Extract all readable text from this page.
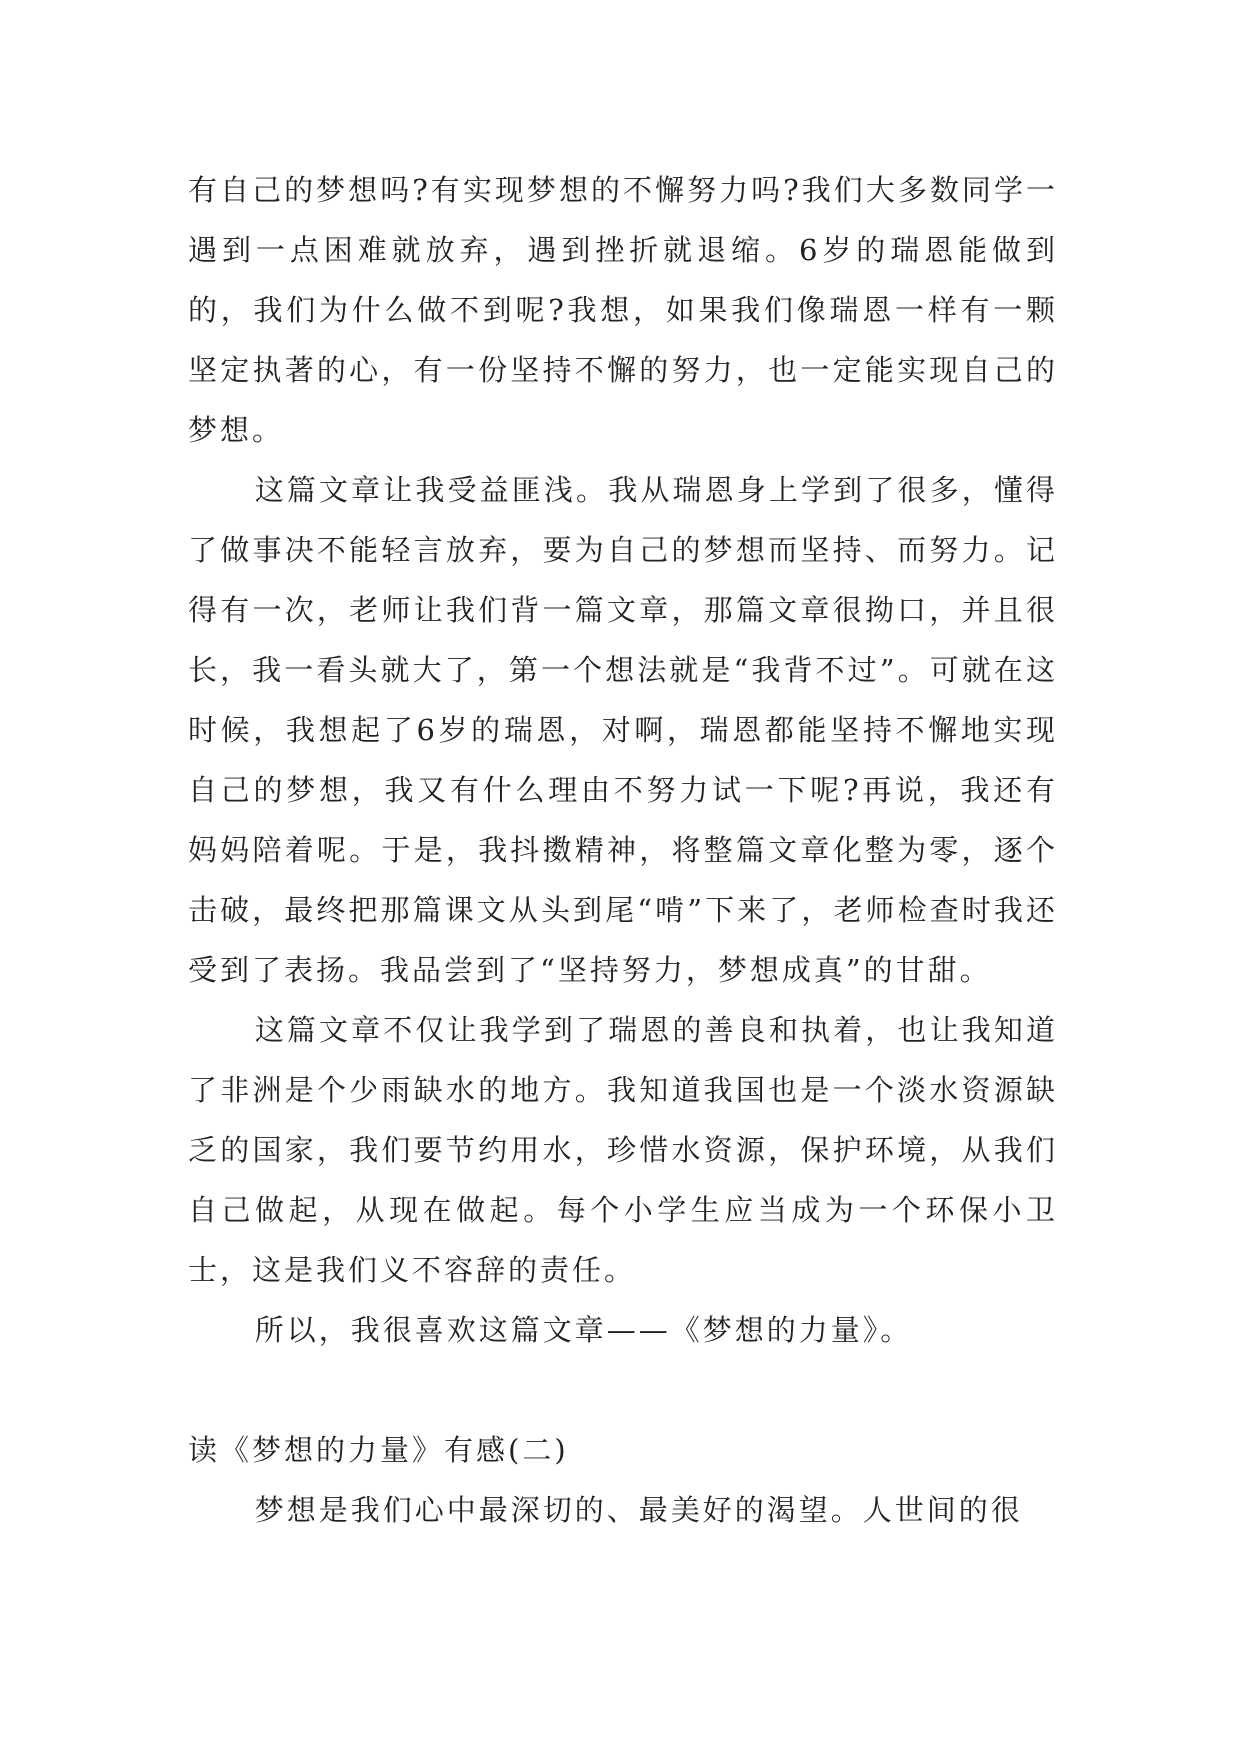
有自己的梦想吗?有实现梦想的不懈努力吗?我们大多数同学一遇到一点困难就放弃，遇到挫折就退缩。6岁的瑞恩能做到的，我们为什么做不到呢?我想，如果我们像瑞恩一样有一颗坚定执著的心，有一份坚持不懈的努力，也一定能实现自己的梦想。

这篇文章让我受益匪浅。我从瑞恩身上学到了很多，懂得了做事决不能轻言放弃，要为自己的梦想而坚持、而努力。记得有一次，老师让我们背一篇文章，那篇文章很拗口，并且很长，我一看头就大了，第一个想法就是“我背不过”。可就在这时候，我想起了6岁的瑞恩，对啊，瑞恩都能坚持不懈地实现自己的梦想，我又有什么理由不努力试一下呢?再说，我还有妈妈陪着呢。于是，我抖擞精神，将整篇文章化整为零，逐个击破，最终把那篇课文从头到尾“啃”下来了，老师检查时我还受到了表扬。我品尝到了“坚持努力，梦想成真”的甘甜。

这篇文章不仅让我学到了瑞恩的善良和执着，也让我知道了非洲是个少雨缺水的地方。我知道我国也是一个淡水资源缺乏的国家，我们要节约用水，珍惜水资源，保护环境，从我们自己做起，从现在做起。每个小学生应当成为一个环保小卫士，这是我们义不容辞的责任。

所以，我很喜欢这篇文章——《梦想的力量》。

读《梦想的力量》有感(二)

梦想是我们心中最深切的、最美好的渴望。人世间的很
